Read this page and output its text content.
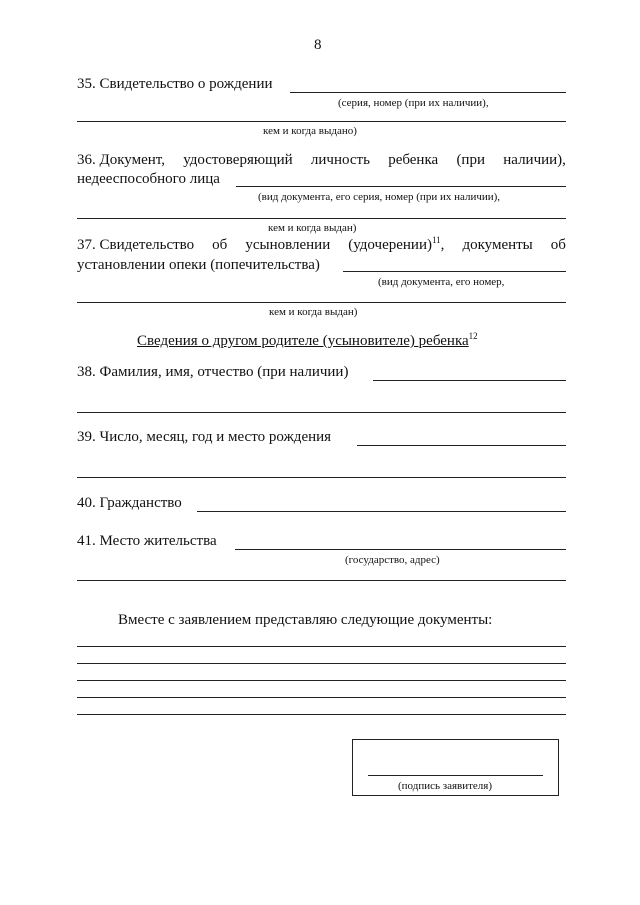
8
35. Свидетельство о рождении
(серия, номер (при их наличии),
кем и когда выдано)
36. Документ, удостоверяющий личность ребенка (при наличии),
недееспособного лица
(вид документа, его серия, номер (при их наличии),
кем и когда выдан)
37. Свидетельство об усыновлении (удочерении)$^{11}$, документы об
установлении опеки (попечительства)
(вид документа, его номер,
кем и когда выдан)
Сведения о другом родителе (усыновителе) ребенка$^{12}$
38. Фамилия, имя, отчество (при наличии)
39. Число, месяц, год и место рождения
40. Гражданство
41. Место жительства
(государство, адрес)
Вместе с заявлением представляю следующие документы:
(подпись заявителя)
